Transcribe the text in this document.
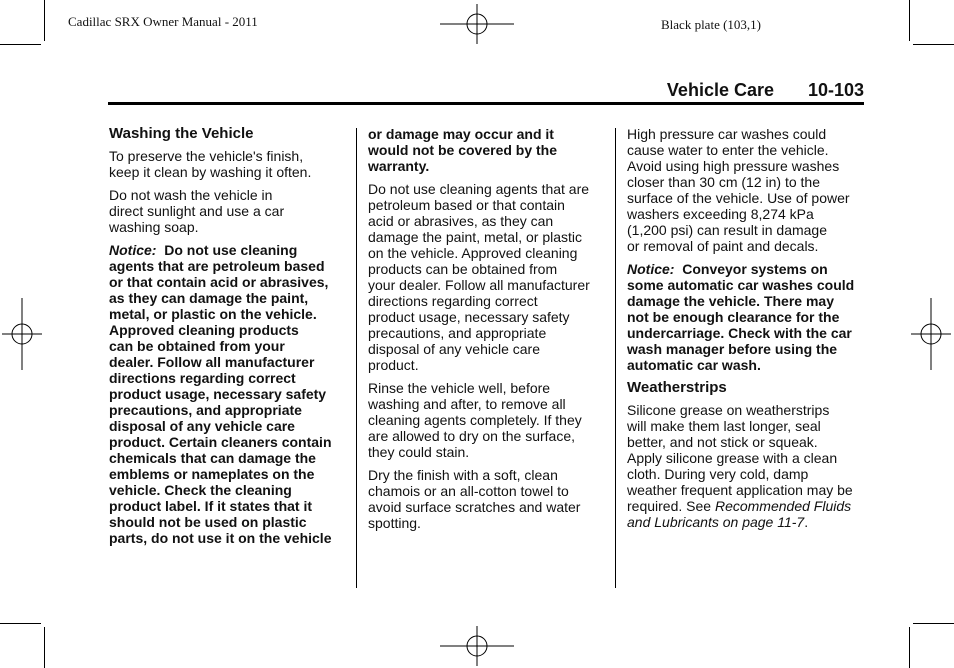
Cadillac SRX Owner Manual - 2011	Black plate (103,1)
Vehicle Care 10-103
Washing the Vehicle

To preserve the vehicle's finish,
keep it clean by washing it often.

Do not wash the vehicle in
direct sunlight and use a car
washing soap.

Notice: Do not use cleaning
agents that are petroleum based
or that contain acid or abrasives,
as they can damage the paint,
metal, or plastic on the vehicle.
Approved cleaning products
can be obtained from your
dealer. Follow all manufacturer
directions regarding correct
product usage, necessary safety
precautions, and appropriate
disposal of any vehicle care
product. Certain cleaners contain
chemicals that can damage the
emblems or nameplates on the
vehicle. Check the cleaning
product label. If it states that it
should not be used on plastic
parts, do not use it on the vehicle

or damage may occur and it
would not be covered by the
warranty.

Do not use cleaning agents that are
petroleum based or that contain
acid or abrasives, as they can
damage the paint, metal, or plastic
on the vehicle. Approved cleaning
products can be obtained from
your dealer. Follow all manufacturer
directions regarding correct
product usage, necessary safety
precautions, and appropriate
disposal of any vehicle care
product.

Rinse the vehicle well, before
washing and after, to remove all
cleaning agents completely. If they
are allowed to dry on the surface,
they could stain.

Dry the finish with a soft, clean
chamois or an all-cotton towel to
avoid surface scratches and water
spotting.

High pressure car washes could
cause water to enter the vehicle.
Avoid using high pressure washes
closer than 30 cm (12 in) to the
surface of the vehicle. Use of power
washers exceeding 8,274 kPa
(1,200 psi) can result in damage
or removal of paint and decals.

Notice: Conveyor systems on
some automatic car washes could
damage the vehicle. There may
not be enough clearance for the
undercarriage. Check with the car
wash manager before using the
automatic car wash.

Weatherstrips

Silicone grease on weatherstrips
will make them last longer, seal
better, and not stick or squeak.
Apply silicone grease with a clean
cloth. During very cold, damp
weather frequent application may be
required. See Recommended Fluids
and Lubricants on page 11-7.
